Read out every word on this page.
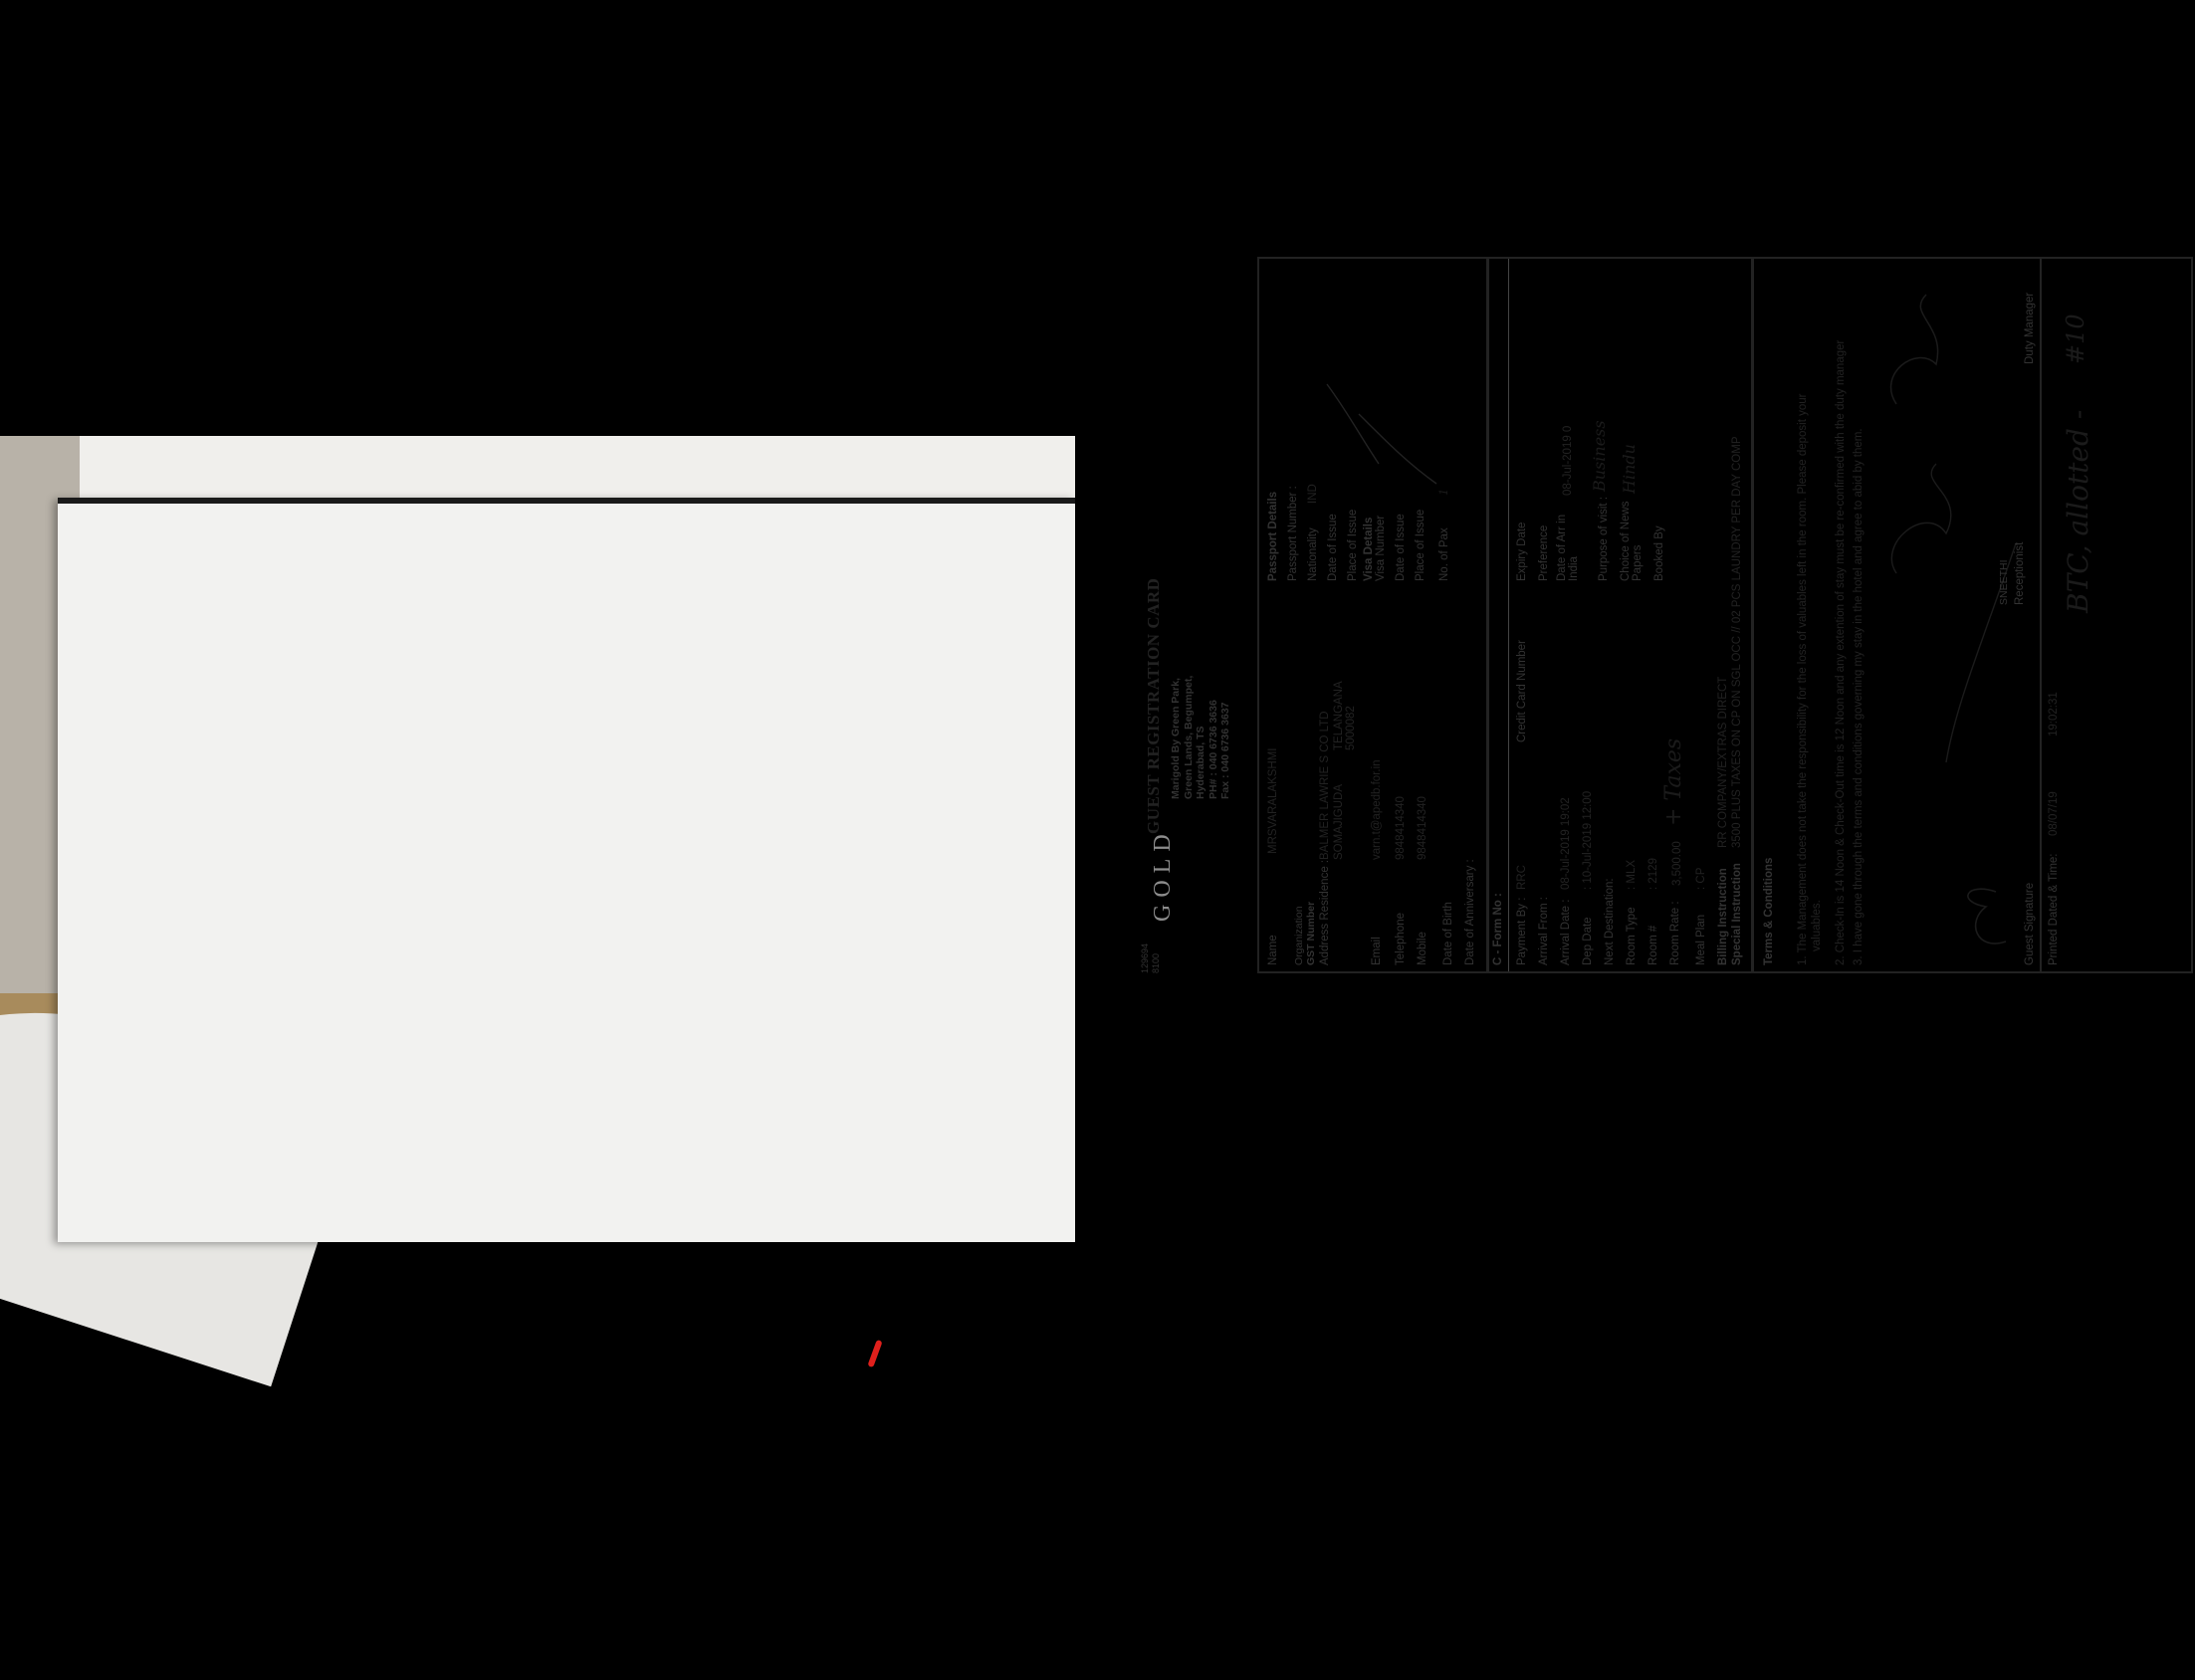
129694 8100
GOLD
GUEST REGISTRATION CARD Marigold By Green Park, Green Lands, Begumpet, Hyderabad, TS PH# : 040 6736 3636 Fax : 040 6736 3637
Name
MRSVARALAKSHMI
Organization GST Number Address Residence :
BALMER LAWRIE S CO LTD SOMAJIGUDA
TELANGANA 5000082
Email
varn.t@apedb.for.in
Telephone
9848414340
Mobile
9848414340
Date of Birth Date of Anniversary :
Passport Details Passport Number : Nationality
IND
Date of Issue Place of Issue Visa Details Visa Number Date of Issue Place of Issue No. of Pax
1
C - Form No : Payment By :
RRC
Credit Card Number
Expiry Date
Arrival From :
Preference
Arrival Date :
08-Jul-2019 19:02
Date of Arr in India
08-Jul-2019 0
Dep Date
: 10-Jul-2019 12:00
Next Destination:
Purpose of visit :
Business
Room Type
: MLX
Choice of News Papers
Hindu
Room #
: 2129
Booked By
Room Rate :
3,500.00
+ Taxes
Meal Plan
: CP Billing Instruction
RR COMPANY/EXTRAS DIRECT
Special Instruction
3500 PLUS TAXES ON CP ON SGL OCC // 02 PCS LAUNDRY PER DAY COMP
Terms & Conditions 1. The Management does not take the responsibility for the loss of valuables left in the room. Please deposit your valuables. 2. Check-In is 14 Noon & Check-Out time is 12 Noon and any extention of stay must be re-confirmed with the duty manager 3. I have gone through the terms and conditions governing my stay in the hotel and agree to abid by them.	Guest Signature
SNEETHI Receptionist
Duty Manager
Printed Dated & Time:
08/07/19
19:02:31
BTC, allotted -
#10
